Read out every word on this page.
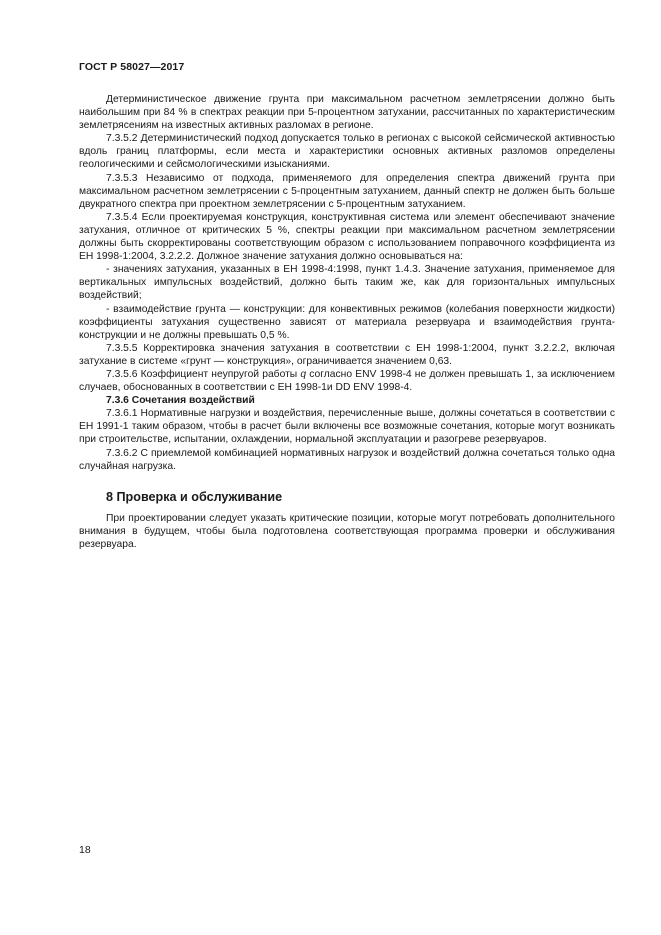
ГОСТ Р 58027—2017

Детерминистическое движение грунта при максимальном расчетном землетрясении должно быть наибольшим при 84 % в спектрах реакции при 5-процентном затухании, рассчитанных по характеристическим землетрясениям на известных активных разломах в регионе.

7.3.5.2 Детерминистический подход допускается только в регионах с высокой сейсмической активностью вдоль границ платформы, если места и характеристики основных активных разломов определены геологическими и сейсмологическими изысканиями.

7.3.5.3 Независимо от подхода, применяемого для определения спектра движений грунта при максимальном расчетном землетрясении с 5-процентным затуханием, данный спектр не должен быть больше двукратного спектра при проектном землетрясении с 5-процентным затуханием.

7.3.5.4 Если проектируемая конструкция, конструктивная система или элемент обеспечивают значение затухания, отличное от критических 5 %, спектры реакции при максимальном расчетном землетрясении должны быть скорректированы соответствующим образом с использованием поправочного коэффициента из ЕН 1998-1:2004, 3.2.2.2. Должное значение затухания должно основываться на:

- значениях затухания, указанных в ЕН 1998-4:1998, пункт 1.4.3. Значение затухания, применяемое для вертикальных импульсных воздействий, должно быть таким же, как для горизонтальных импульсных воздействий;

- взаимодействие грунта — конструкции: для конвективных режимов (колебания поверхности жидкости) коэффициенты затухания существенно зависят от материала резервуара и взаимодействия грунта-конструкции и не должны превышать 0,5 %.

7.3.5.5 Корректировка значения затухания в соответствии с ЕН 1998-1:2004, пункт 3.2.2.2, включая затухание в системе «грунт — конструкция», ограничивается значением 0,63.

7.3.5.6 Коэффициент неупругой работы q согласно ENV 1998-4 не должен превышать 1, за исключением случаев, обоснованных в соответствии с ЕН 1998-1и DD ENV 1998-4.

7.3.6 Сочетания воздействий

7.3.6.1 Нормативные нагрузки и воздействия, перечисленные выше, должны сочетаться в соответствии с ЕН 1991-1 таким образом, чтобы в расчет были включены все возможные сочетания, которые могут возникать при строительстве, испытании, охлаждении, нормальной эксплуатации и разогреве резервуаров.

7.3.6.2 С приемлемой комбинацией нормативных нагрузок и воздействий должна сочетаться только одна случайная нагрузка.

8 Проверка и обслуживание

При проектировании следует указать критические позиции, которые могут потребовать дополнительного внимания в будущем, чтобы была подготовлена соответствующая программа проверки и обслуживания резервуара.

18
